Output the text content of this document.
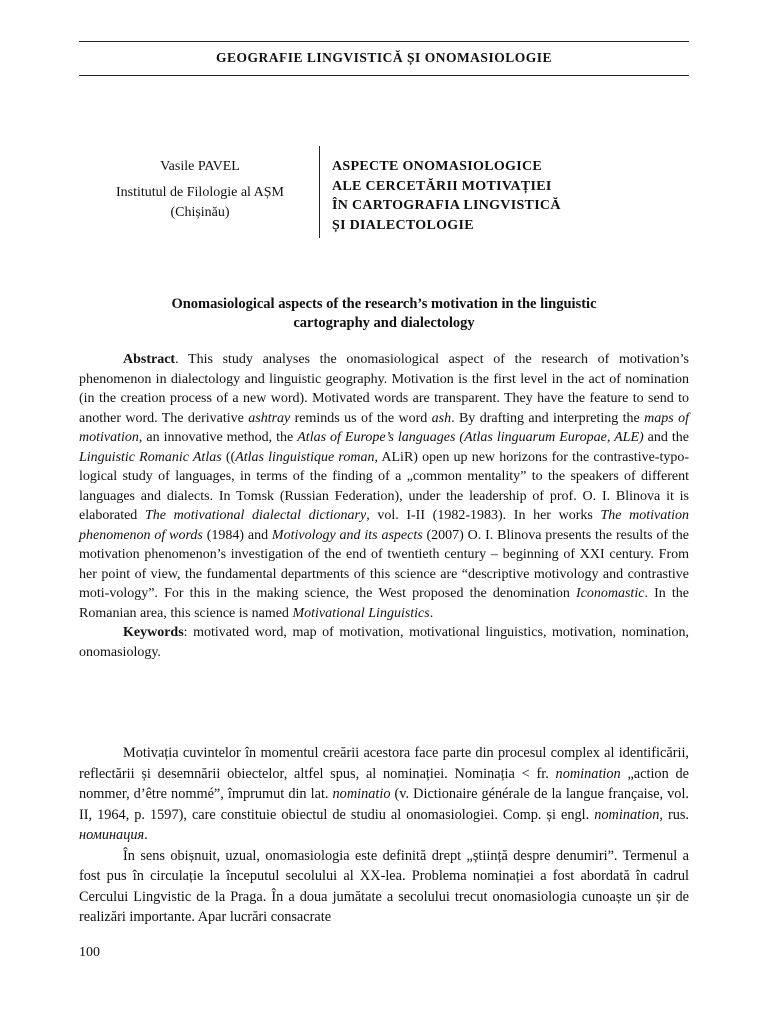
GEOGRAFIE LINGVISTICĂ ȘI ONOMASIOLOGIE
Vasile PAVEL
Institutul de Filologie al AȘM
(Chișinău)
ASPECTE ONOMASIOLOGICE
ALE CERCETĂRII MOTIVAȚIEI
ÎN CARTOGRAFIA LINGVISTICĂ
ȘI DIALECTOLOGIE
Onomasiological aspects of the research’s motivation in the linguistic
cartography and dialectology

Abstract. This study analyses the onomasiological aspect of the research of motivation’s phenomenon in dialectology and linguistic geography. Motivation is the first level in the act of nomination (in the creation process of a new word). Motivated words are transparent. They have the feature to send to another word. The derivative ashtray reminds us of the word ash. By drafting and interpreting the maps of motivation, an innovative method, the Atlas of Europe’s languages (Atlas linguarum Europae, ALE) and the Linguistic Romanic Atlas ((Atlas linguistique roman, ALiR) open up new horizons for the contrastive-typo-logical study of languages, in terms of the finding of a „common mentality” to the speakers of different languages and dialects. In Tomsk (Russian Federation), under the leadership of prof. O. I. Blinova it is elaborated The motivational dialectal dictionary, vol. I-II (1982-1983). In her works The motivation phenomenon of words (1984) and Motivology and its aspects (2007) O. I. Blinova presents the results of the motivation phenomenon’s investigation of the end of twentieth century – beginning of XXI century. From her point of view, the fundamental departments of this science are “descriptive motivology and contrastive moti-vology”. For this in the making science, the West proposed the denomination Iconomastic. In the Romanian area, this science is named Motivational Linguistics.

Keywords: motivated word, map of motivation, motivational linguistics, motivation, nomination, onomasiology.

Motivația cuvintelor în momentul creării acestora face parte din procesul complex al identificării, reflectării și desemnării obiectelor, altfel spus, al nominației. Nominația < fr. nomination „action de nommer, d’être nommé”, împrumut din lat. nominatio (v. Dictionaire générale de la langue française, vol. II, 1964, p. 1597), care constituie obiectul de studiu al onomasiologiei. Comp. și engl. nomination, rus. номинация.

În sens obișnuit, uzual, onomasiologia este definită drept „știință despre denumiri”. Termenul a fost pus în circulație la începutul secolului al XX-lea. Problema nominației a fost abordată în cadrul Cercului Lingvistic de la Praga. În a doua jumătate a secolului trecut onomasiologia cunoaște un șir de realizări importante. Apar lucrări consacrate

100
